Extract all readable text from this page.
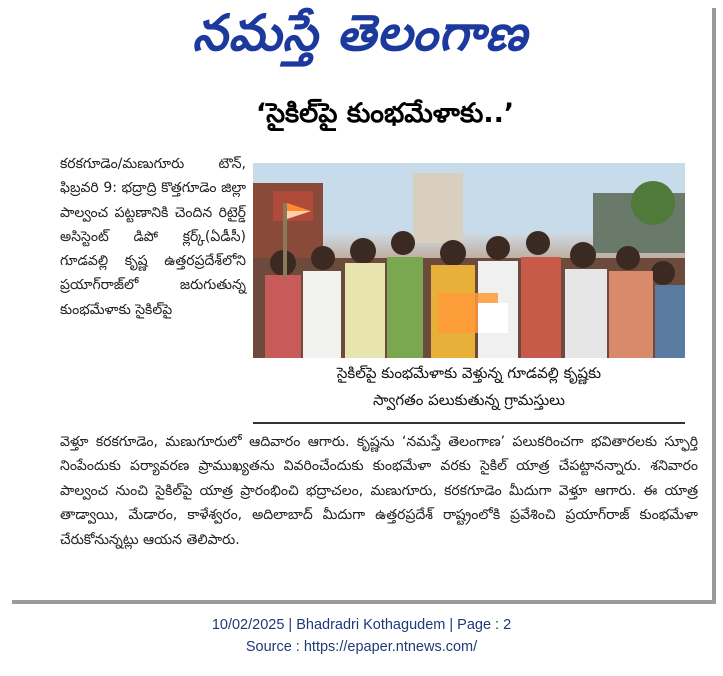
నమస్తే తెలంగాణ
‘సైకిల్‌పై కుంభమేళాకు..’

కరకగూడెం/మణుగూరు టౌన్, ఫిబ్రవరి 9: భద్రాద్రి కొత్తగూడెం జిల్లా పాల్వంచ పట్టణానికి చెందిన రిటైర్డ్ అసిస్టెంట్ డిపో క్లర్క్(ఏడీసీ) గూడవల్లి కృష్ణ ఉత్తరప్రదేశ్‌లోని ప్రయాగ్‌రాజ్‌లో జరుగుతున్న కుంభమేళాకు సైకిల్‌పై

సైకిల్‌పై కుంభమేళాకు వెళ్తున్న గూడవల్లి కృష్ణకు
స్వాగతం పలుకుతున్న గ్రామస్తులు
వెళ్తూ కరకగూడెం, మణుగూరులో ఆదివారం ఆగారు. కృష్ణను ‘నమస్తే తెలంగాణ’ పలుకరించగా భవితారలకు స్ఫూర్తి నింపేందుకు పర్యావరణ ప్రాముఖ్యతను వివరించేందుకు కుంభమేళా వరకు సైకిల్ యాత్ర చేపట్టానన్నారు. శనివారం పాల్వంచ నుంచి సైకిల్‌పై యాత్ర ప్రారంభించి భద్రాచలం, మణుగూరు, కరకగూడెం మీదుగా వెళ్తూ ఆగారు. ఈ యాత్ర తాడ్వాయి, మేడారం, కాళేశ్వరం, అదిలాబాద్ మీదుగా ఉత్తరప్రదేశ్ రాష్ట్రంలోకి ప్రవేశించి ప్రయాగ్‌రాజ్ కుంభమేళా చేరుకోనున్నట్లు ఆయన తెలిపారు.
10/02/2025 | Bhadradri Kothagudem | Page : 2
Source : https://epaper.ntnews.com/
